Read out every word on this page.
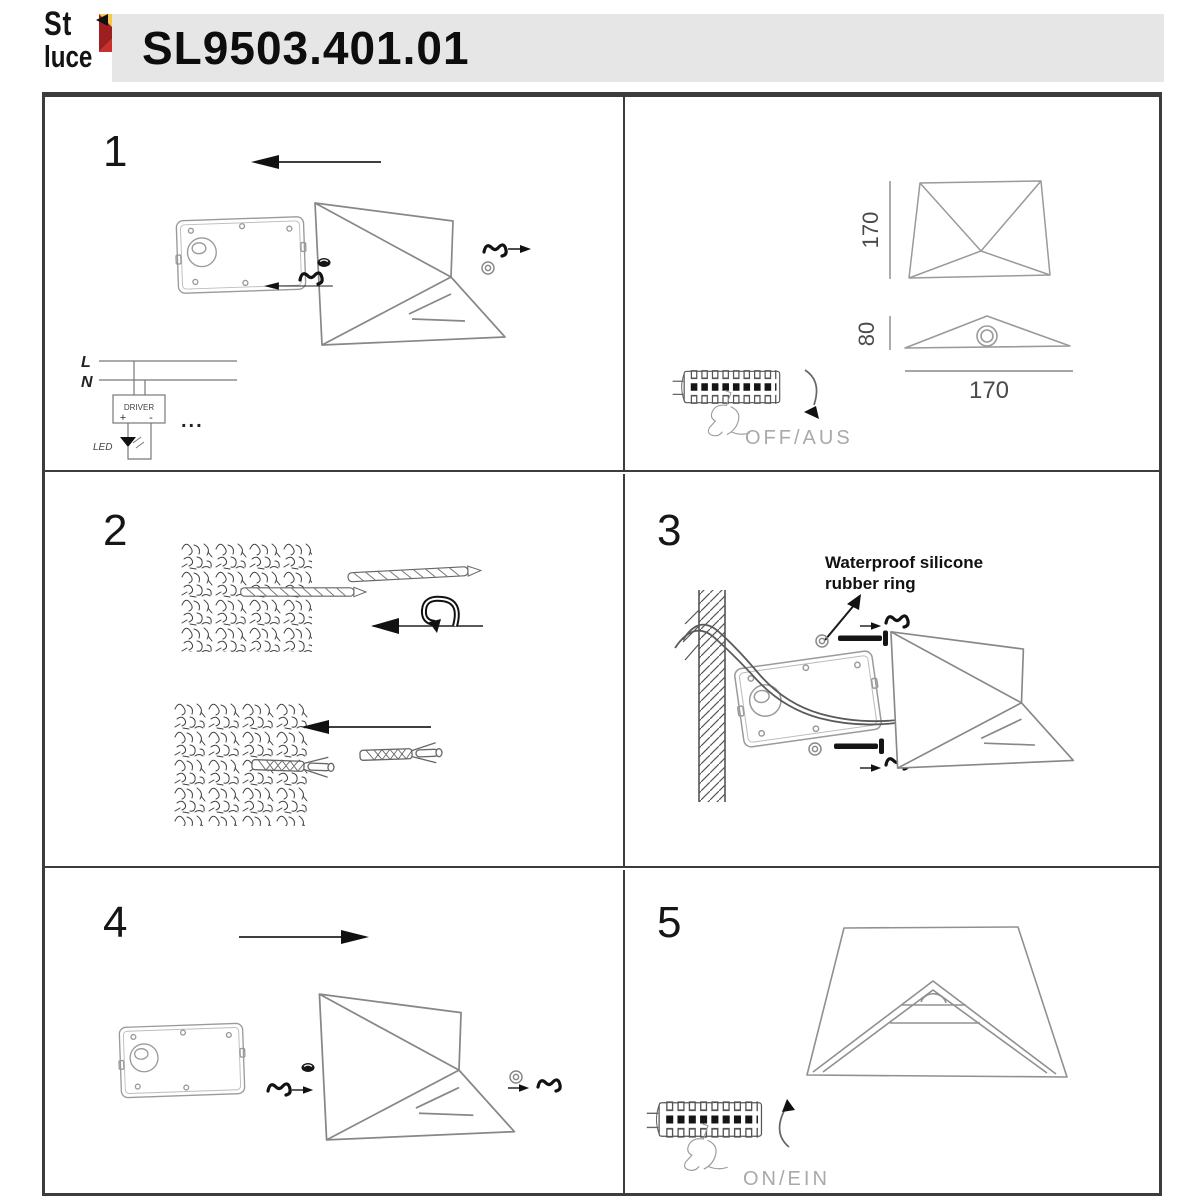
St
luce	SL9503.401.01
1
L
N
DRIVER
+ -
LED
...
170
80
170
OFF/AUS
2	3
Waterproof silicone
rubber ring
4	5
ON/EIN
